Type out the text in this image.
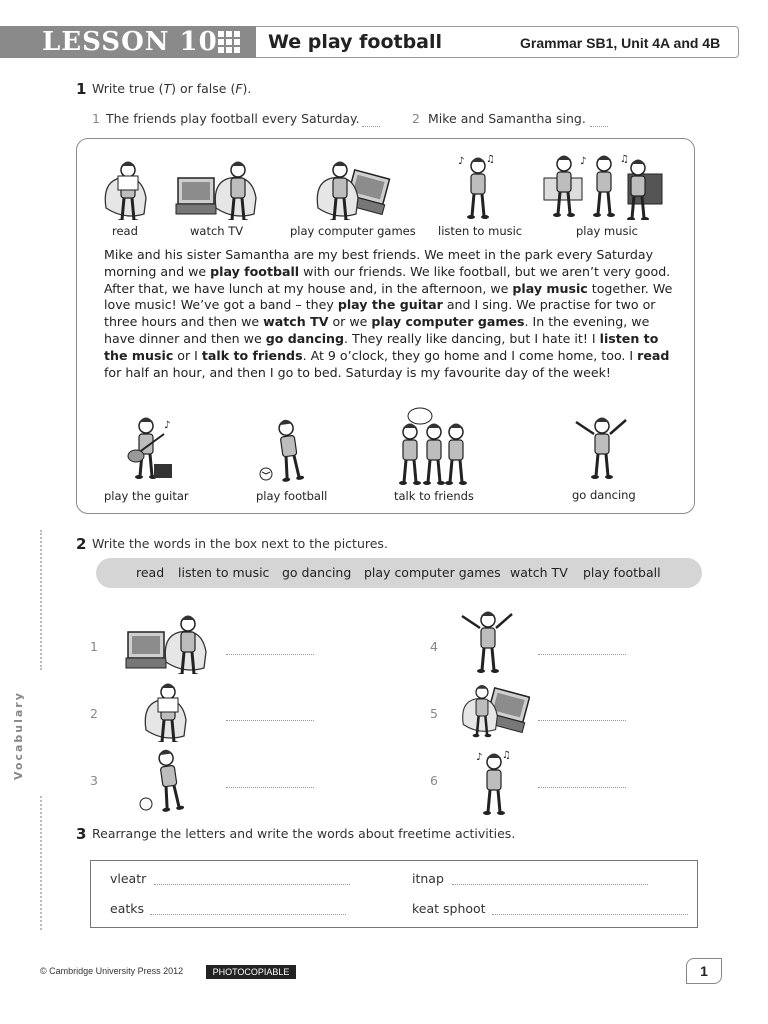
LESSON 10	We play football	Grammar SB1, Unit 4A and 4B
1 Write true (T) or false (F).
1 The friends play football every Saturday.	2 Mike and Samantha sing.
read	watch TV	play computer games
♪ ♫
listen to music
♪	♫
play music
Mike and his sister Samantha are my best friends. We meet in the park every Saturday morning and we play football with our friends. We like football, but we aren’t very good. After that, we have lunch at my house and, in the afternoon, we play music together. We love music! We’ve got a band – they play the guitar and I sing. We practise for two or three hours and then we watch TV or we play computer games. In the evening, we have dinner and then we go dancing. They really like dancing, but I hate it! I listen to the music or I talk to friends. At 9 o’clock, they go home and I come home, too. I read for half an hour, and then I go to bed. Saturday is my favourite day of the week!
♪
play the guitar	play football	talk to friends	go dancing
Vocabulary
2 Write the words in the box next to the pictures.
read listen to music go dancing play computer games watch TV play football
1
2
3
4
5
6
♪ ♫
3 Rearrange the letters and write the words about freetime activities.
vleatr	itnap
eatks	keat sphoot
© Cambridge University Press 2012	PHOTOCOPIABLE	1
